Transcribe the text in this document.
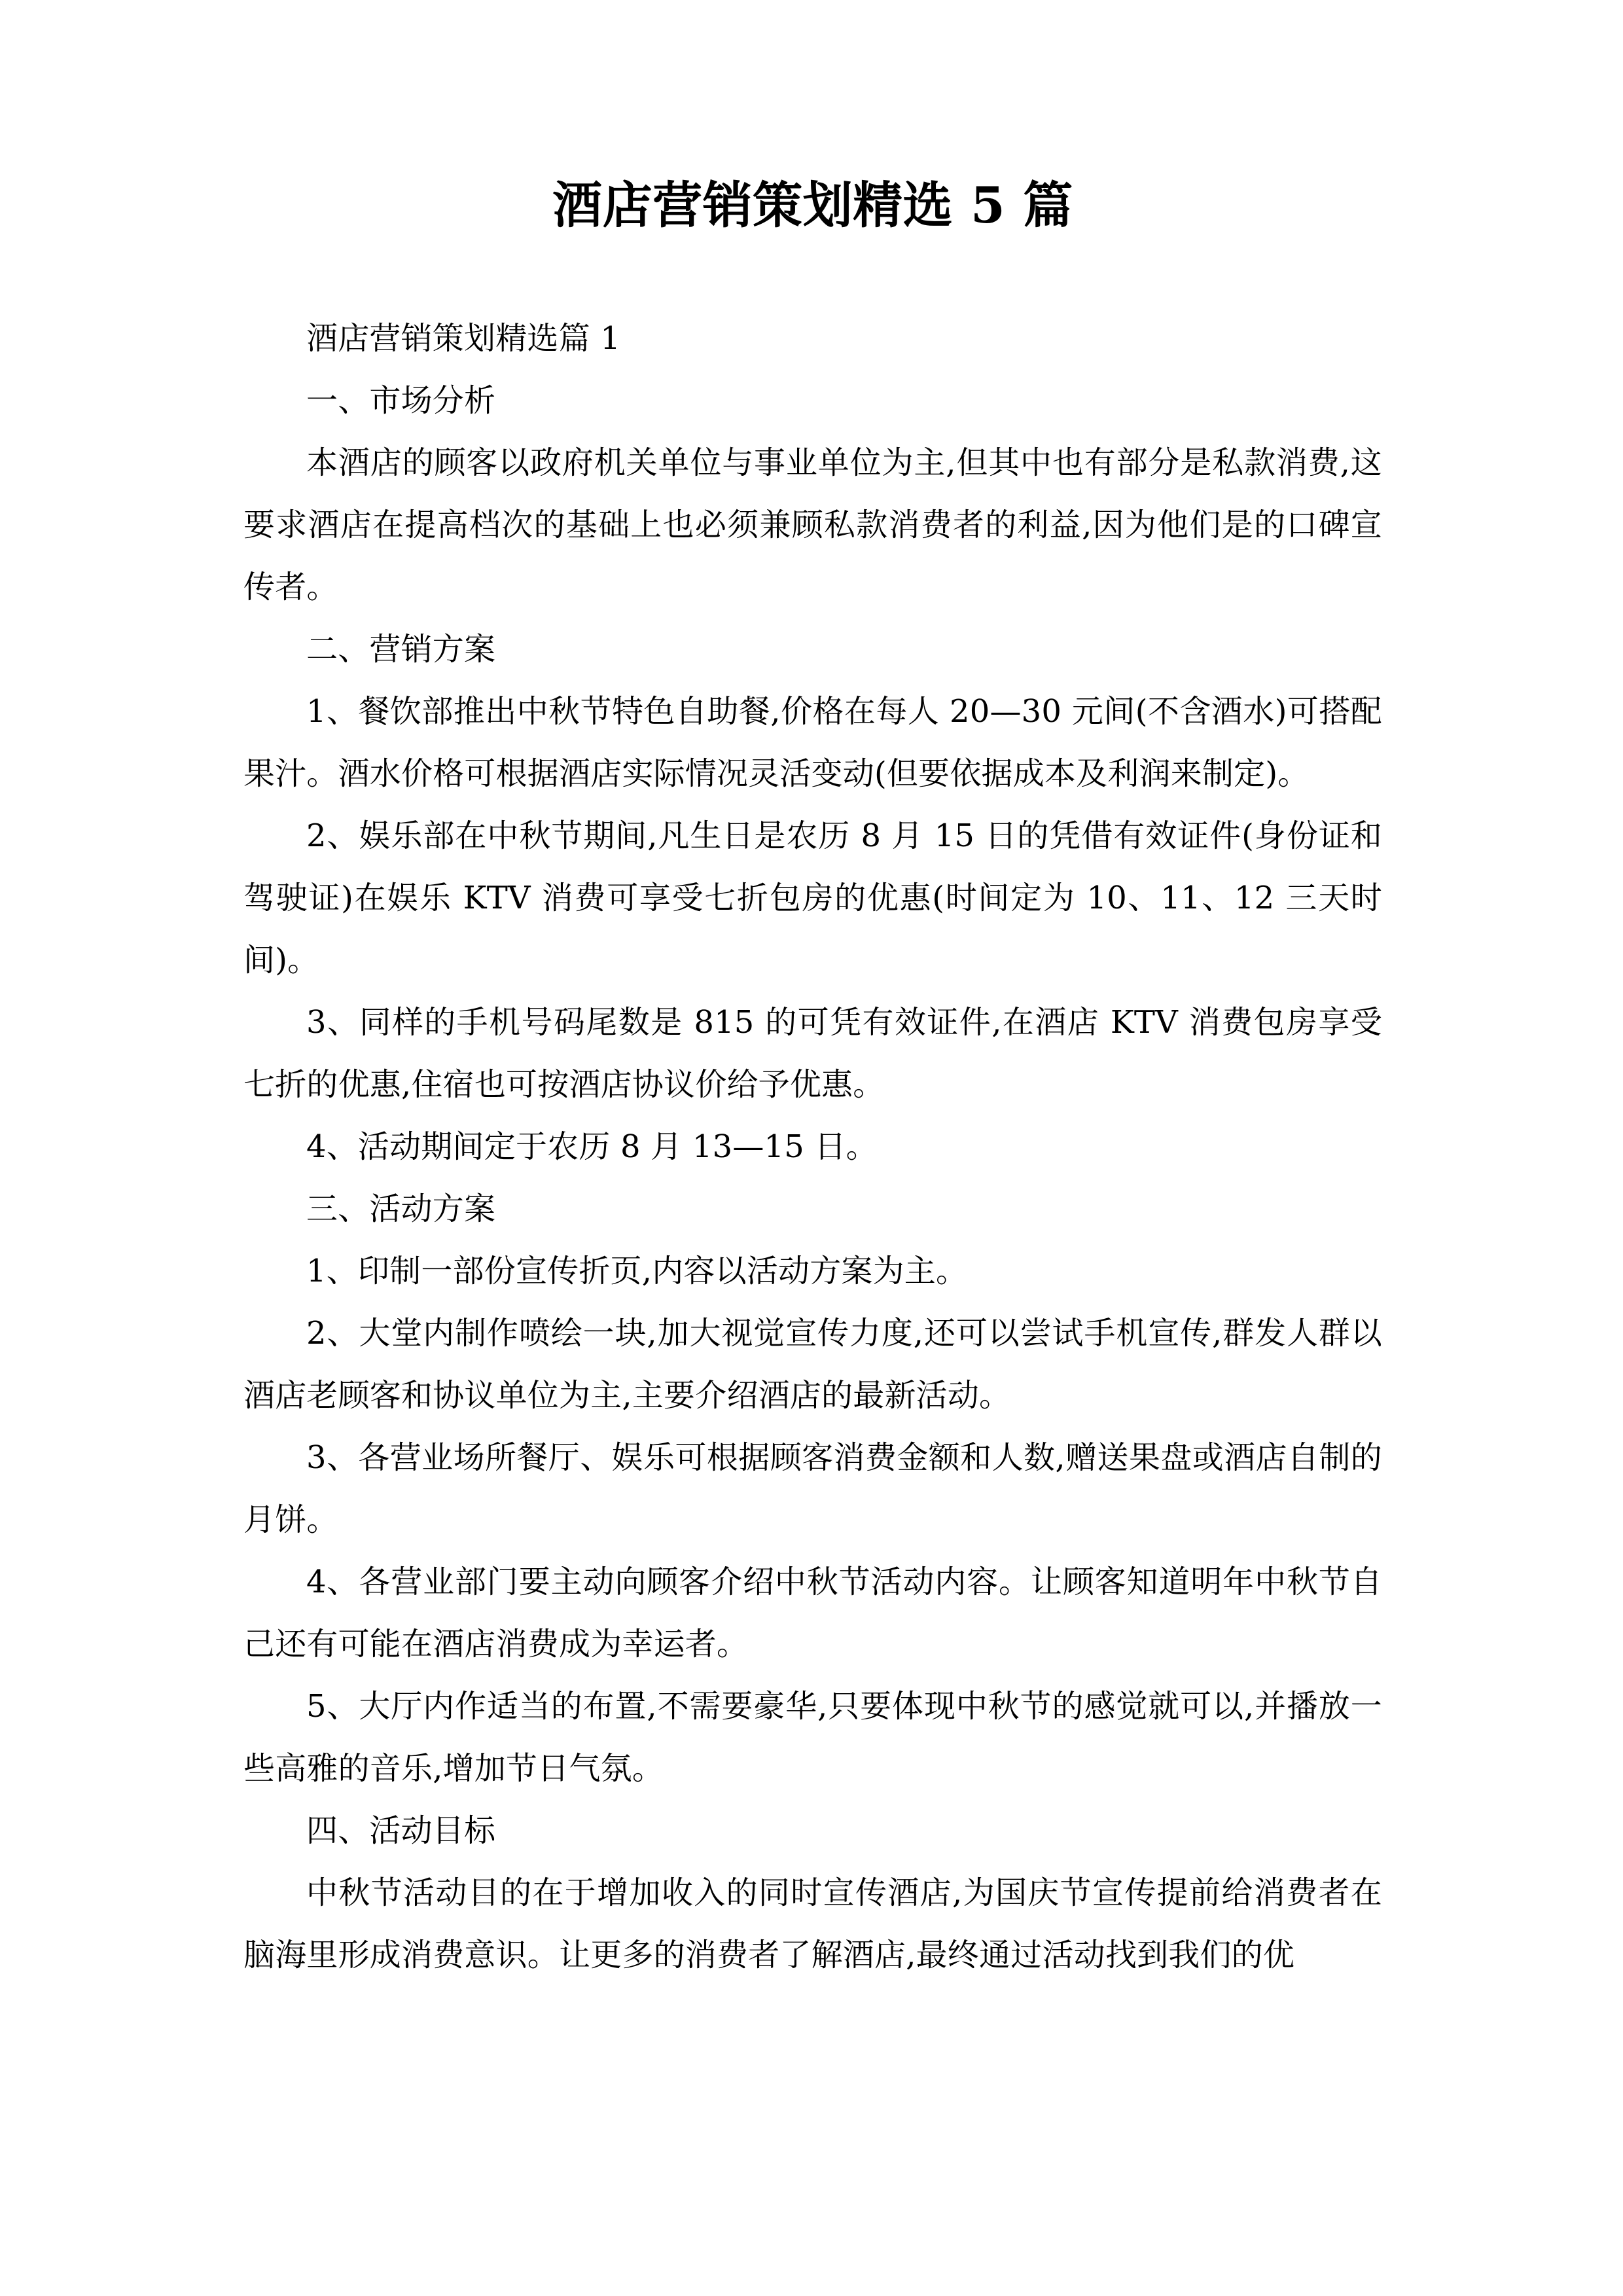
酒店营销策划精选 5 篇

酒店营销策划精选篇 1

一、市场分析

本酒店的顾客以政府机关单位与事业单位为主,但其中也有部分是私款消费,这要求酒店在提高档次的基础上也必须兼顾私款消费者的利益,因为他们是的口碑宣传者。

二、营销方案

1、餐饮部推出中秋节特色自助餐,价格在每人 20—30 元间(不含酒水)可搭配果汁。酒水价格可根据酒店实际情况灵活变动(但要依据成本及利润来制定)。

2、娱乐部在中秋节期间,凡生日是农历 8 月 15 日的凭借有效证件(身份证和驾驶证)在娱乐 KTV 消费可享受七折包房的优惠(时间定为 10、11、12 三天时间)。

3、同样的手机号码尾数是 815 的可凭有效证件,在酒店 KTV 消费包房享受七折的优惠,住宿也可按酒店协议价给予优惠。

4、活动期间定于农历 8 月 13—15 日。

三、活动方案

1、印制一部份宣传折页,内容以活动方案为主。

2、大堂内制作喷绘一块,加大视觉宣传力度,还可以尝试手机宣传,群发人群以酒店老顾客和协议单位为主,主要介绍酒店的最新活动。

3、各营业场所餐厅、娱乐可根据顾客消费金额和人数,赠送果盘或酒店自制的月饼。

4、各营业部门要主动向顾客介绍中秋节活动内容。让顾客知道明年中秋节自己还有可能在酒店消费成为幸运者。

5、大厅内作适当的布置,不需要豪华,只要体现中秋节的感觉就可以,并播放一些高雅的音乐,增加节日气氛。

四、活动目标

中秋节活动目的在于增加收入的同时宣传酒店,为国庆节宣传提前给消费者在脑海里形成消费意识。让更多的消费者了解酒店,最终通过活动找到我们的优
